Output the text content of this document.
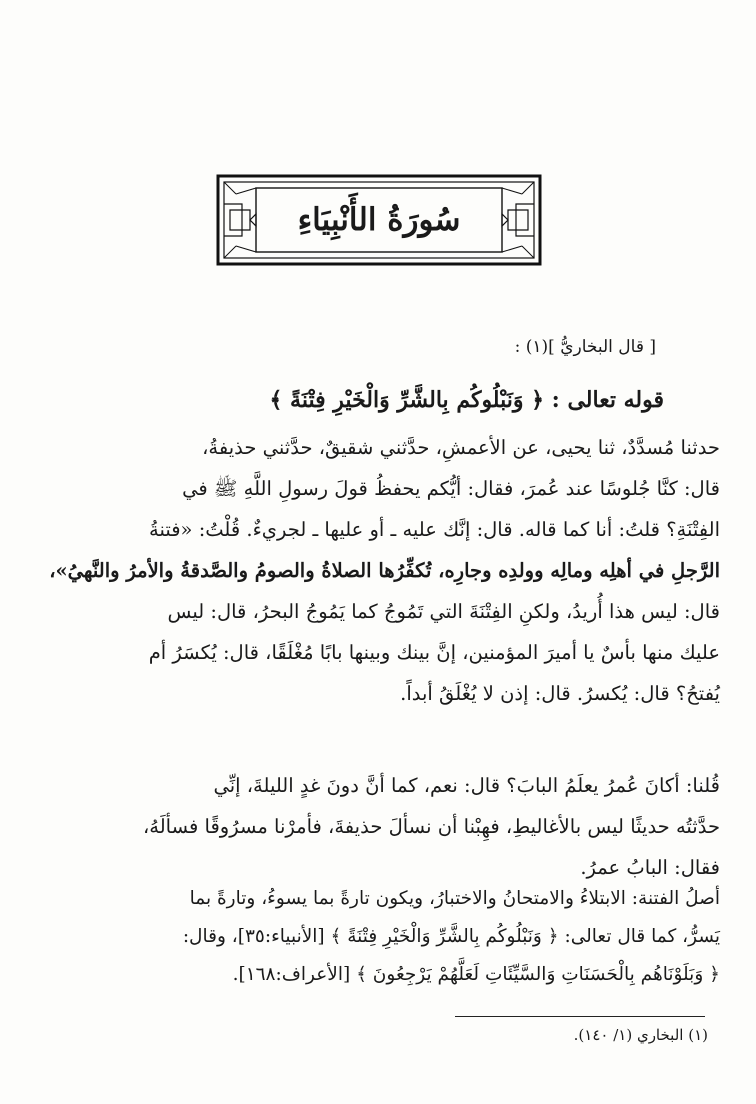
سُورَةُ الأَنْبِيَاءِ
[ قال البخاريُّ ](١) :
قوله تعالى : ﴿ وَنَبْلُوكُم بِالشَّرِّ وَالْخَيْرِ فِتْنَةً ﴾
حدثنا مُسدَّدٌ، ثنا يحيى، عن الأعمشِ، حدَّثني شقيقٌ، حدَّثني حذيفةُ،
قال: كنَّا جُلوسًا عند عُمرَ، فقال: أيُّكم يحفظُ قولَ رسولِ اللَّهِ ﷺ في
الفِتْنَةِ؟ قلتُ: أنا كما قاله. قال: إنَّك عليه ـ أو عليها ـ لجريءٌ. قُلْتُ: «فتنةُ
الرَّجلِ في أهلِه ومالِه وولدِه وجارِه، تُكفِّرُها الصلاةُ والصومُ والصَّدقةُ والأمرُ والنَّهيُ»،
قال: ليس هذا أُريدُ، ولكنِ الفِتْنَةَ التي تَمُوجُ كما يَمُوجُ البحرُ، قال: ليس
عليك منها بأسٌ يا أميرَ المؤمنين، إنَّ بينك وبينها بابًا مُغْلَقًا، قال: يُكسَرُ أم
يُفتحُ؟ قال: يُكسرُ. قال: إذن لا يُغْلَقُ أبداً.
قُلنا: أكانَ عُمرُ يعلَمُ البابَ؟ قال: نعم، كما أنَّ دونَ غدٍ الليلةَ، إنِّي
حدَّثتُه حديثًا ليس بالأغاليطِ، فهِبْنا أن نسألَ حذيفةَ، فأمرْنا مسرُوقًا فسألَهُ،
فقال: البابُ عمرُ.
أصلُ الفتنة: الابتلاءُ والامتحانُ والاختبارُ، ويكون تارةً بما يسوءُ، وتارةً بما
يَسرُّ، كما قال تعالى: ﴿ وَنَبْلُوكُم بِالشَّرِّ وَالْخَيْرِ فِتْنَةً ﴾ [الأنبياء:٣٥]، وقال:
﴿ وَبَلَوْنَاهُم بِالْحَسَنَاتِ وَالسَّيِّئَاتِ لَعَلَّهُمْ يَرْجِعُونَ ﴾ [الأعراف:١٦٨].
(١) البخاري (١/ ١٤٠).
